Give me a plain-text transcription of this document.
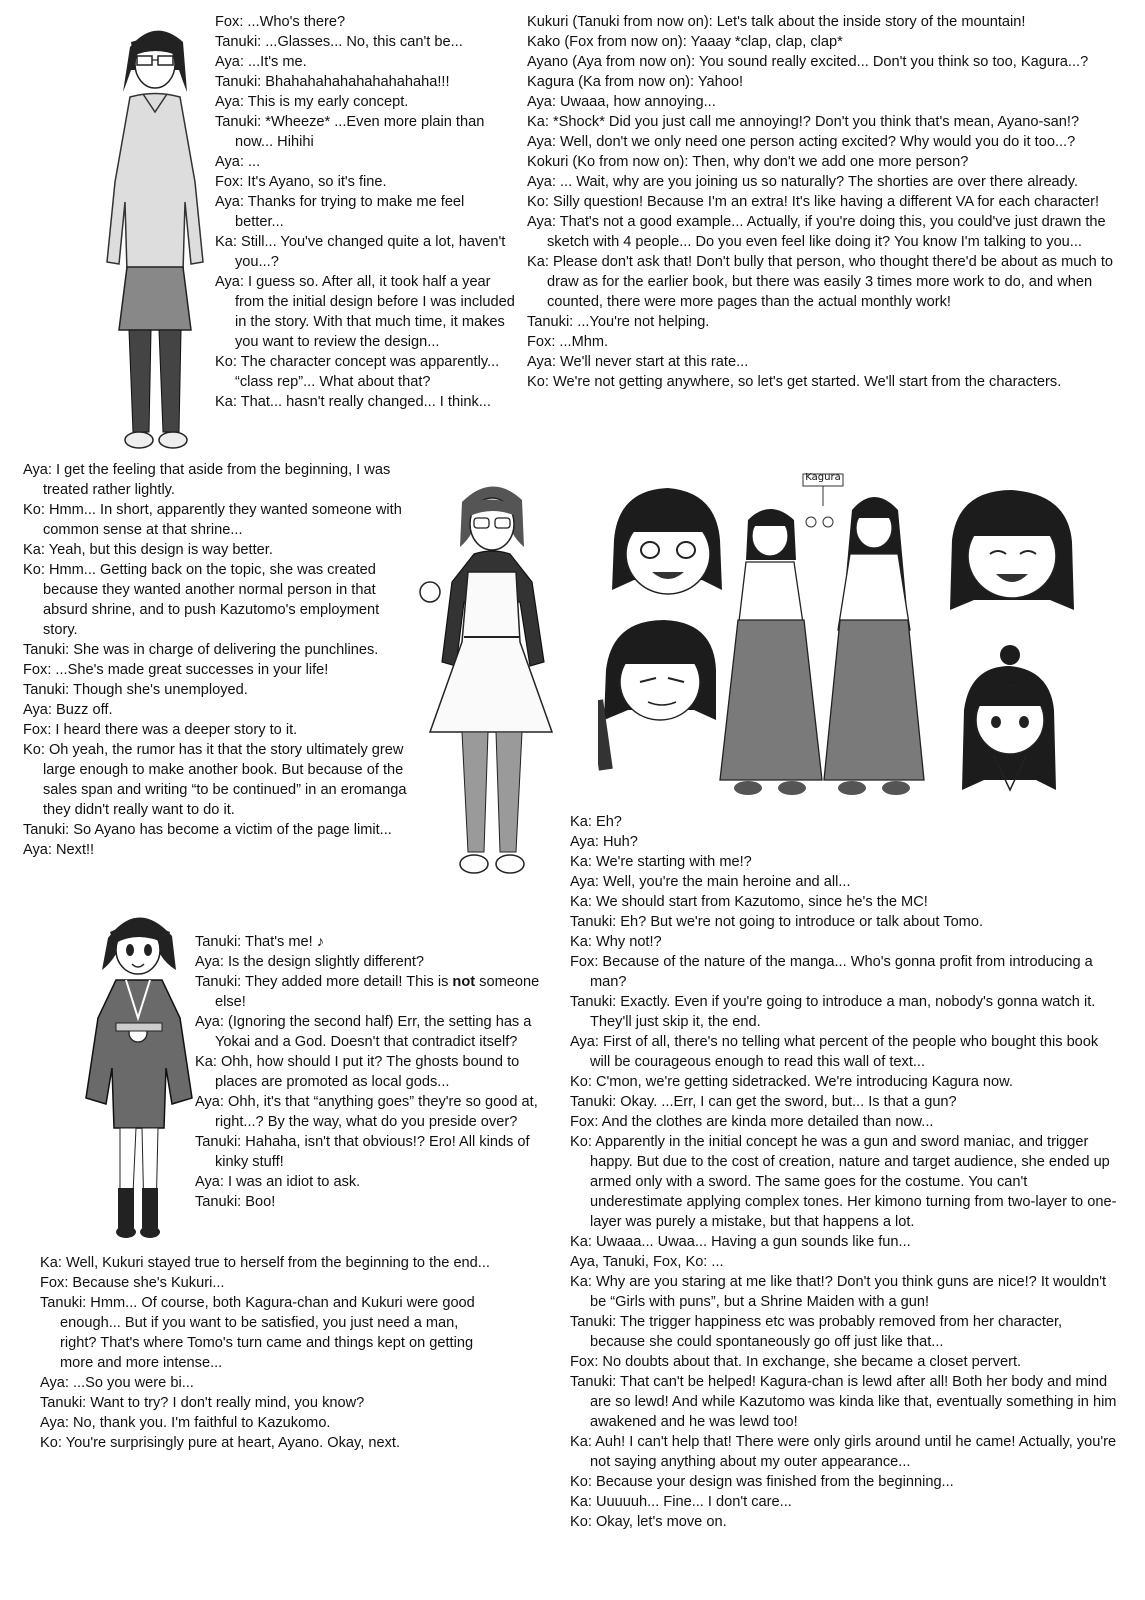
Kagura
Fox: ...Who's there?
Tanuki: ...Glasses... No, this can't be...
Aya: ...It's me.
Tanuki: Bhahahahahahahahahaha!!!
Aya: This is my early concept.
Tanuki: *Wheeze* ...Even more plain than now... Hihihi
Aya: ...
Fox: It's Ayano, so it's fine.
Aya: Thanks for trying to make me feel better...
Ka: Still... You've changed quite a lot, haven't you...?
Aya: I guess so. After all, it took half a year from the initial design before I was included in the story. With that much time, it makes you want to review the design...
Ko: The character concept was apparently... “class rep”... What about that?
Ka: That... hasn't really changed... I think...
Kukuri (Tanuki from now on): Let's talk about the inside story of the mountain!
Kako (Fox from now on): Yaaay *clap, clap, clap*
Ayano (Aya from now on): You sound really excited... Don't you think so too, Kagura...?
Kagura (Ka from now on): Yahoo!
Aya: Uwaaa, how annoying...
Ka: *Shock* Did you just call me annoying!? Don't you think that's mean, Ayano-san!?
Aya: Well, don't we only need one person acting excited? Why would you do it too...?
Kokuri (Ko from now on): Then, why don't we add one more person?
Aya: ... Wait, why are you joining us so naturally? The shorties are over there already.
Ko: Silly question! Because I'm an extra! It's like having a different VA for each character!
Aya: That's not a good example... Actually, if you're doing this, you could've just drawn the sketch with 4 people... Do you even feel like doing it? You know I'm talking to you...
Ka: Please don't ask that! Don't bully that person, who thought there'd be about as much to draw as for the earlier book, but there was easily 3 times more work to do, and when counted, there were more pages than the actual monthly work!
Tanuki: ...You're not helping.
Fox: ...Mhm.
Aya: We'll never start at this rate...
Ko: We're not getting anywhere, so let's get started. We'll start from the characters.
Aya: I get the feeling that aside from the beginning, I was treated rather lightly.
Ko: Hmm... In short, apparently they wanted someone with common sense at that shrine...
Ka: Yeah, but this design is way better.
Ko: Hmm... Getting back on the topic, she was created because they wanted another normal person in that absurd shrine, and to push Kazutomo's employment story.
Tanuki: She was in charge of delivering the punchlines.
Fox: ...She's made great successes in your life!
Tanuki: Though she's unemployed.
Aya: Buzz off.
Fox: I heard there was a deeper story to it.
Ko: Oh yeah, the rumor has it that the story ultimately grew large enough to make another book. But because of the sales span and writing “to be continued” in an eromanga they didn't really want to do it.
Tanuki: So Ayano has become a victim of the page limit...
Aya: Next!!
Tanuki: That's me! ♪
Aya: Is the design slightly different?
Tanuki: They added more detail! This is not someone else!
Aya: (Ignoring the second half) Err, the setting has a Yokai and a God. Doesn't that contradict itself?
Ka: Ohh, how should I put it? The ghosts bound to places are promoted as local gods...
Aya: Ohh, it's that “anything goes” they're so good at, right...? By the way, what do you preside over?
Tanuki: Hahaha, isn't that obvious!? Ero! All kinds of kinky stuff!
Aya: I was an idiot to ask.
Tanuki: Boo!
Ka: Well, Kukuri stayed true to herself from the beginning to the end...
Fox: Because she's Kukuri...
Tanuki: Hmm... Of course, both Kagura-chan and Kukuri were good enough... But if you want to be satisfied, you just need a man, right? That's where Tomo's turn came and things kept on getting more and more intense...
Aya: ...So you were bi...
Tanuki: Want to try? I don't really mind, you know?
Aya: No, thank you. I'm faithful to Kazukomo.
Ko: You're surprisingly pure at heart, Ayano. Okay, next.
Ka: Eh?
Aya: Huh?
Ka: We're starting with me!?
Aya: Well, you're the main heroine and all...
Ka: We should start from Kazutomo, since he's the MC!
Tanuki: Eh? But we're not going to introduce or talk about Tomo.
Ka: Why not!?
Fox: Because of the nature of the manga... Who's gonna profit from introducing a man?
Tanuki: Exactly. Even if you're going to introduce a man, nobody's gonna watch it. They'll just skip it, the end.
Aya: First of all, there's no telling what percent of the people who bought this book will be courageous enough to read this wall of text...
Ko: C'mon, we're getting sidetracked. We're introducing Kagura now.
Tanuki: Okay. ...Err, I can get the sword, but... Is that a gun?
Fox: And the clothes are kinda more detailed than now...
Ko: Apparently in the initial concept he was a gun and sword maniac, and trigger happy. But due to the cost of creation, nature and target audience, she ended up armed only with a sword. The same goes for the costume. You can't underestimate applying complex tones. Her kimono turning from two-layer to one-layer was purely a mistake, but that happens a lot.
Ka: Uwaaa... Uwaa... Having a gun sounds like fun...
Aya, Tanuki, Fox, Ko: ...
Ka: Why are you staring at me like that!? Don't you think guns are nice!? It wouldn't be “Girls with puns”, but a Shrine Maiden with a gun!
Tanuki: The trigger happiness etc was probably removed from her character, because she could spontaneously go off just like that...
Fox: No doubts about that. In exchange, she became a closet pervert.
Tanuki: That can't be helped! Kagura-chan is lewd after all! Both her body and mind are so lewd! And while Kazutomo was kinda like that, eventually something in him awakened and he was lewd too!
Ka: Auh! I can't help that! There were only girls around until he came! Actually, you're not saying anything about my outer appearance...
Ko: Because your design was finished from the beginning...
Ka: Uuuuuh... Fine... I don't care...
Ko: Okay, let's move on.
